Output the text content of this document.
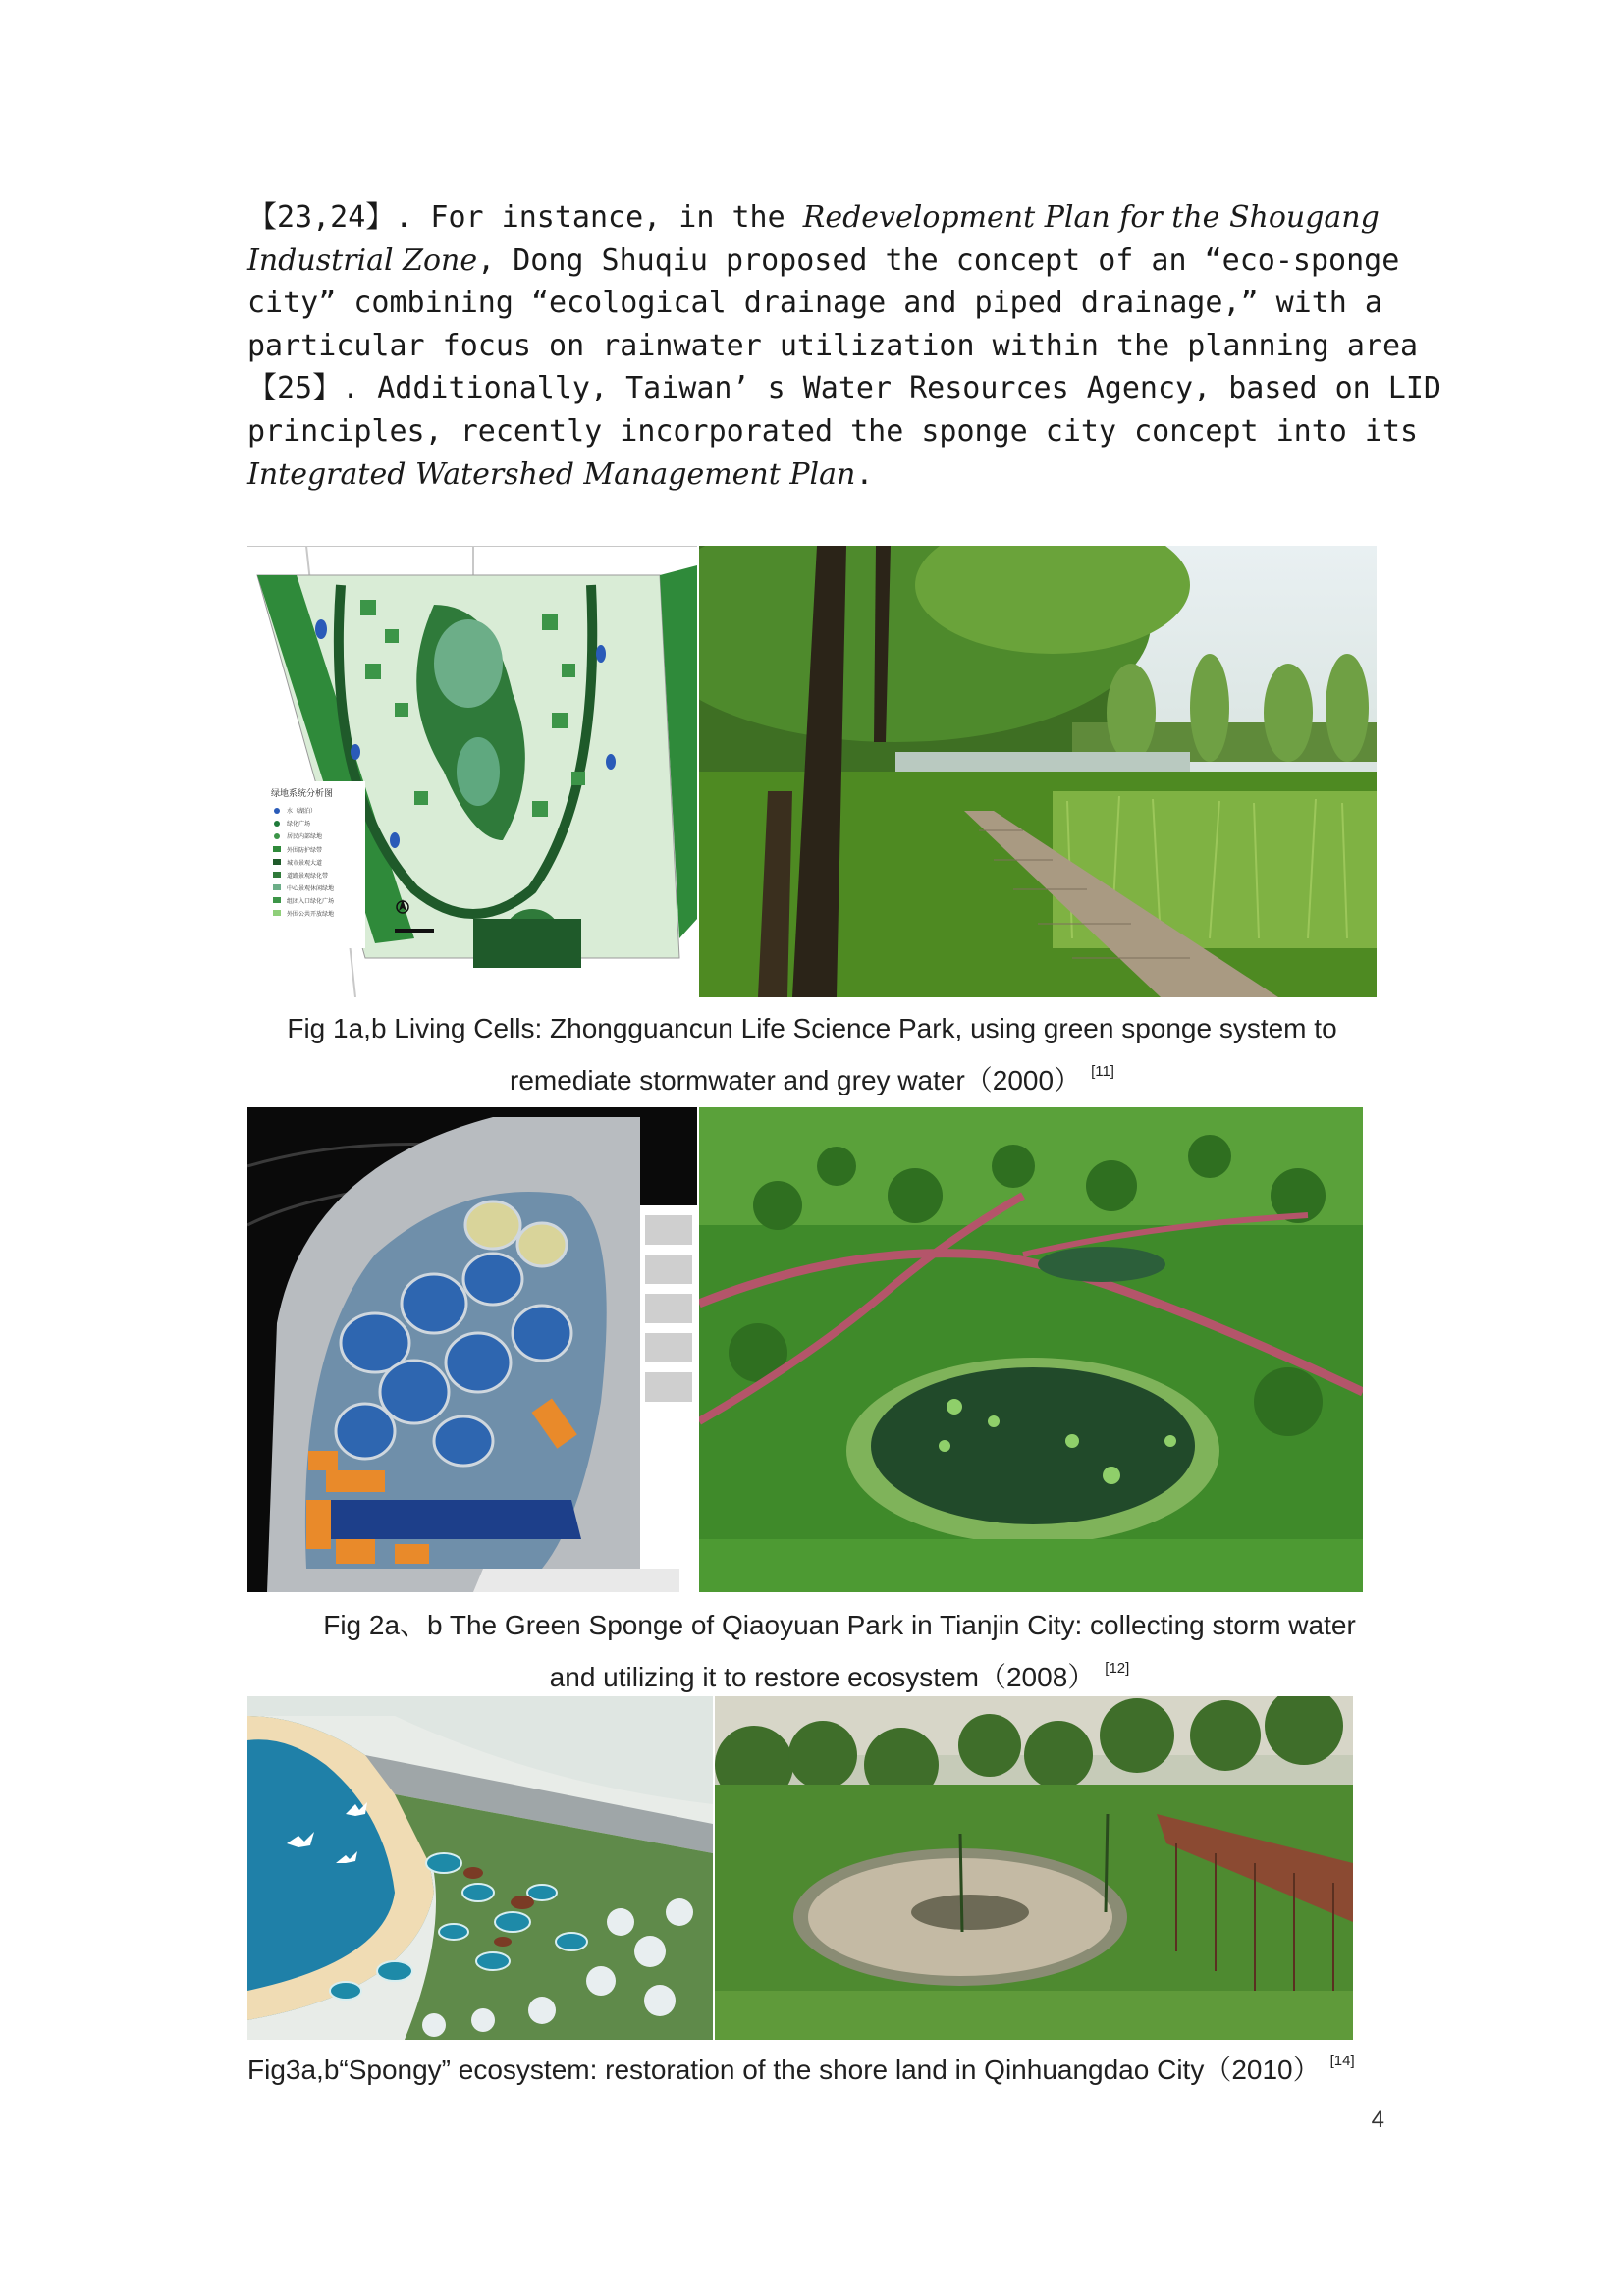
【23,24】. For instance, in the Redevelopment Plan for the Shougang
Industrial Zone, Dong Shuqiu proposed the concept of an “eco-sponge
city” combining “ecological drainage and piped drainage,” with a
particular focus on rainwater utilization within the planning area
【25】. Additionally, Taiwan’ s Water Resources Agency, based on LID
principles, recently incorporated the sponge city concept into its
Integrated Watershed Management Plan.
绿地系统分析图
水（湖泊）
绿化广场
居民内部绿地
外围防护绿带
城市景观大道
道路景观绿化带
中心景观休闲绿地
组团入口绿化广场
外围公共开放绿地
Fig 1a,b Living Cells: Zhongguancun Life Science Park, using green sponge system to
remediate stormwater and grey water（2000） [11]
Fig 2a、b The Green Sponge of Qiaoyuan Park in Tianjin City: collecting storm water
and utilizing it to restore ecosystem（2008） [12]
Fig3a,b“Spongy” ecosystem: restoration of the shore land in Qinhuangdao City（2010） [14]
4
